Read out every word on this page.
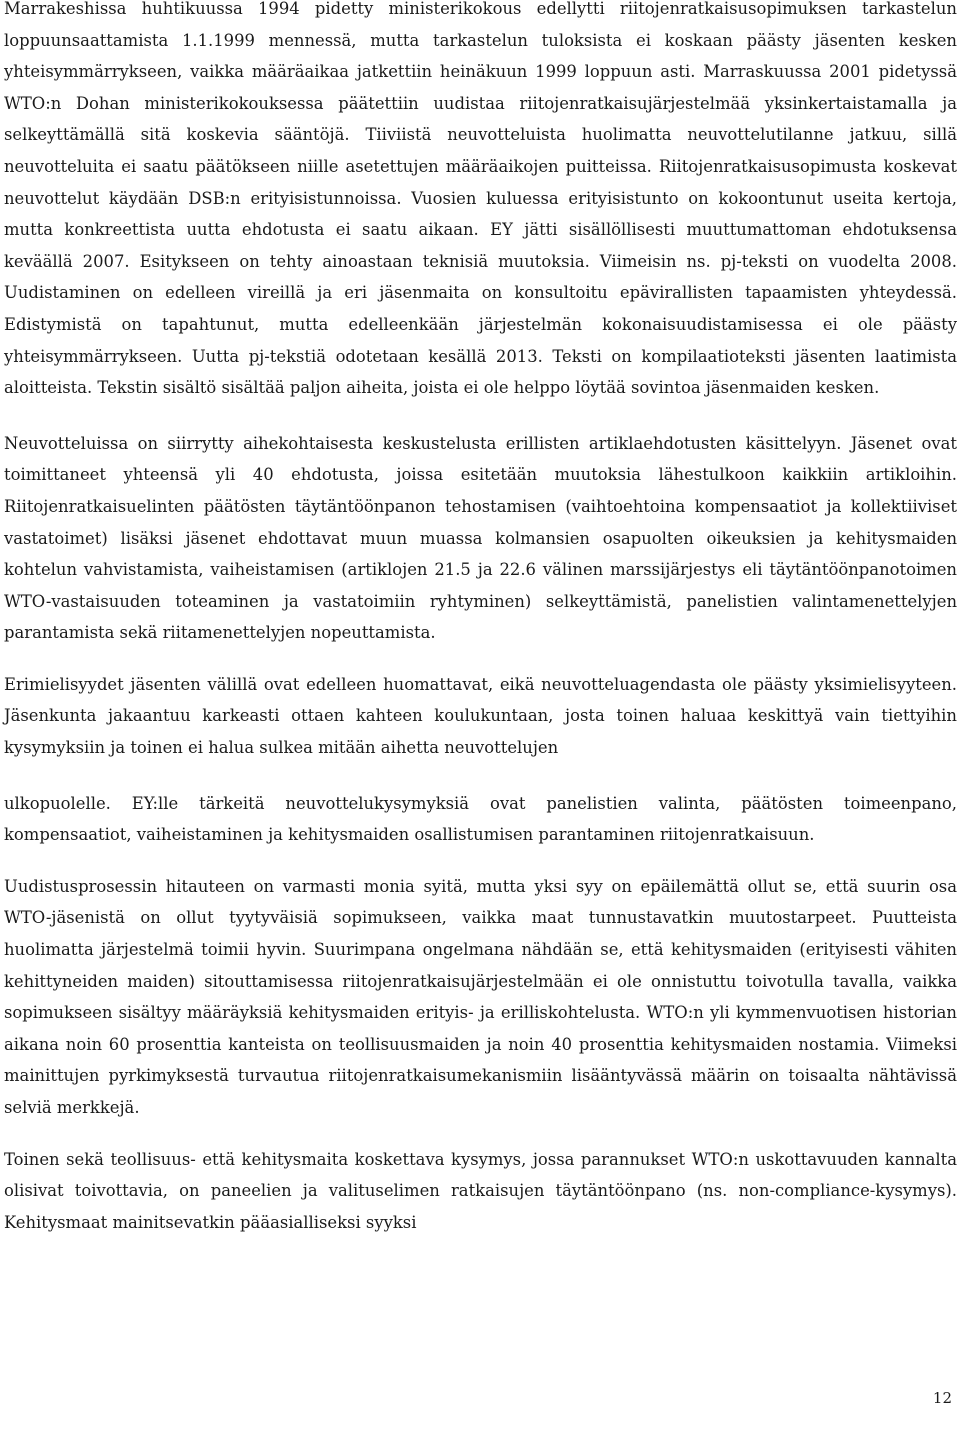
Marrakeshissa huhtikuussa 1994 pidetty ministerikokous edellytti riitojenratkaisusopimuksen tarkastelun loppuunsaattamista 1.1.1999 mennessä, mutta tarkastelun tuloksista ei koskaan päästy jäsenten kesken yhteisymmärrykseen, vaikka määräaikaa jatkettiin heinäkuun 1999 loppuun asti. Marraskuussa 2001 pidetyssä WTO:n Dohan ministerikokouksessa päätettiin uudistaa riitojenratkaisujärjestelmää yksinkertaistamalla ja selkeyttämällä sitä koskevia sääntöjä. Tiiviistä neuvotteluista huolimatta neuvottelutilanne jatkuu, sillä neuvotteluita ei saatu päätökseen niille asetettujen määräaikojen puitteissa. Riitojenratkaisusopimusta koskevat neuvottelut käydään DSB:n erityisistunnoissa. Vuosien kuluessa erityisistunto on kokoontunut useita kertoja, mutta konkreettista uutta ehdotusta ei saatu aikaan. EY jätti sisällöllisesti muuttumattoman ehdotuksensa keväällä 2007. Esitykseen on tehty ainoastaan teknisiä muutoksia. Viimeisin ns. pj-teksti on vuodelta 2008. Uudistaminen on edelleen vireillä ja eri jäsenmaita on konsultoitu epävirallisten tapaamisten yhteydessä. Edistymistä on tapahtunut, mutta edelleenkään järjestelmän kokonaisuudistamisessa ei ole päästy yhteisymmärrykseen. Uutta pj-tekstiä odotetaan kesällä 2013. Teksti on kompilaatioteksti jäsenten laatimista aloitteista. Tekstin sisältö sisältää paljon aiheita, joista ei ole helppo löytää sovintoa jäsenmaiden kesken.

Neuvotteluissa on siirrytty aihekohtaisesta keskustelusta erillisten artiklaehdotusten käsittelyyn. Jäsenet ovat toimittaneet yhteensä yli 40 ehdotusta, joissa esitetään muutoksia lähestulkoon kaikkiin artikloihin. Riitojenratkaisuelinten päätösten täytäntöönpanon tehostamisen (vaihtoehtoina kompensaatiot ja kollektiiviset vastatoimet) lisäksi jäsenet ehdottavat muun muassa kolmansien osapuolten oikeuksien ja kehitysmaiden kohtelun vahvistamista, vaiheistamisen (artiklojen 21.5 ja 22.6 välinen marssijärjestys eli täytäntöönpanotoimen WTO-vastaisuuden toteaminen ja vastatoimiin ryhtyminen) selkeyttämistä, panelistien valintamenettelyjen parantamista sekä riitamenettelyjen nopeuttamista.

Erimielisyydet jäsenten välillä ovat edelleen huomattavat, eikä neuvotteluagendasta ole päästy yksimielisyyteen. Jäsenkunta jakaantuu karkeasti ottaen kahteen koulukuntaan, josta toinen haluaa keskittyä vain tiettyihin kysymyksiin ja toinen ei halua sulkea mitään aihetta neuvottelujen

ulkopuolelle. EY:lle tärkeitä neuvottelukysymyksiä ovat panelistien valinta, päätösten toimeenpano, kompensaatiot, vaiheistaminen ja kehitysmaiden osallistumisen parantaminen riitojenratkaisuun.

Uudistusprosessin hitauteen on varmasti monia syitä, mutta yksi syy on epäilemättä ollut se, että suurin osa WTO-jäsenistä on ollut tyytyväisiä sopimukseen, vaikka maat tunnustavatkin muutostarpeet. Puutteista huolimatta järjestelmä toimii hyvin. Suurimpana ongelmana nähdään se, että kehitysmaiden (erityisesti vähiten kehittyneiden maiden) sitouttamisessa riitojenratkaisujärjestelmään ei ole onnistuttu toivotulla tavalla, vaikka sopimukseen sisältyy määräyksiä kehitysmaiden erityis- ja erilliskohtelusta. WTO:n yli kymmenvuotisen historian aikana noin 60 prosenttia kanteista on teollisuusmaiden ja noin 40 prosenttia kehitysmaiden nostamia. Viimeksi mainittujen pyrkimyksestä turvautua riitojenratkaisumekanismiin lisääntyvässä määrin on toisaalta nähtävissä selviä merkkejä.

Toinen sekä teollisuus- että kehitysmaita koskettava kysymys, jossa parannukset WTO:n uskottavuuden kannalta olisivat toivottavia, on paneelien ja valituselimen ratkaisujen täytäntöönpano (ns. non-compliance-kysymys). Kehitysmaat mainitsevatkin pääasialliseksi syyksi

12
